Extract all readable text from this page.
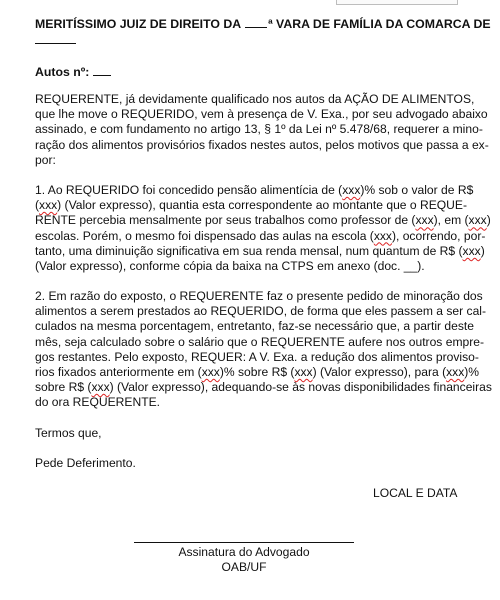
MERITÍSSIMO JUIZ DE DIREITO DA ª VARA DE FAMÍLIA DA COMARCA DE
Autos nº:
REQUERENTE, já devidamente qualificado nos autos da AÇÃO DE ALIMENTOS,
que lhe move o REQUERIDO, vem à presença de V. Exa., por seu advogado abaixo
assinado, e com fundamento no artigo 13, § 1º da Lei nº 5.478/68, requerer a mino-
ração dos alimentos provisórios fixados nestes autos, pelos motivos que passa a ex-
por:
1. Ao REQUERIDO foi concedido pensão alimentícia de (xxx)% sob o valor de R$
(xxx) (Valor expresso), quantia esta correspondente ao montante que o REQUE-
RENTE percebia mensalmente por seus trabalhos como professor de (xxx), em (xxx)
escolas. Porém, o mesmo foi dispensado das aulas na escola (xxx), ocorrendo, por-
tanto, uma diminuição significativa em sua renda mensal, num quantum de R$ (xxx)
(Valor expresso), conforme cópia da baixa na CTPS em anexo (doc. __).
2. Em razão do exposto, o REQUERENTE faz o presente pedido de minoração dos
alimentos a serem prestados ao REQUERIDO, de forma que eles passem a ser cal-
culados na mesma porcentagem, entretanto, faz-se necessário que, a partir deste
mês, seja calculado sobre o salário que o REQUERENTE aufere nos outros empre-
gos restantes. Pelo exposto, REQUER: A V. Exa. a redução dos alimentos proviso-
rios fixados anteriormente em (xxx)% sobre R$ (xxx) (Valor expresso), para (xxx)%
sobre R$ (xxx) (Valor expresso), adequando-se às novas disponibilidades financeiras
do ora REQUERENTE.
Termos que,
Pede Deferimento.
LOCAL E DATA
Assinatura do Advogado
OAB/UF
